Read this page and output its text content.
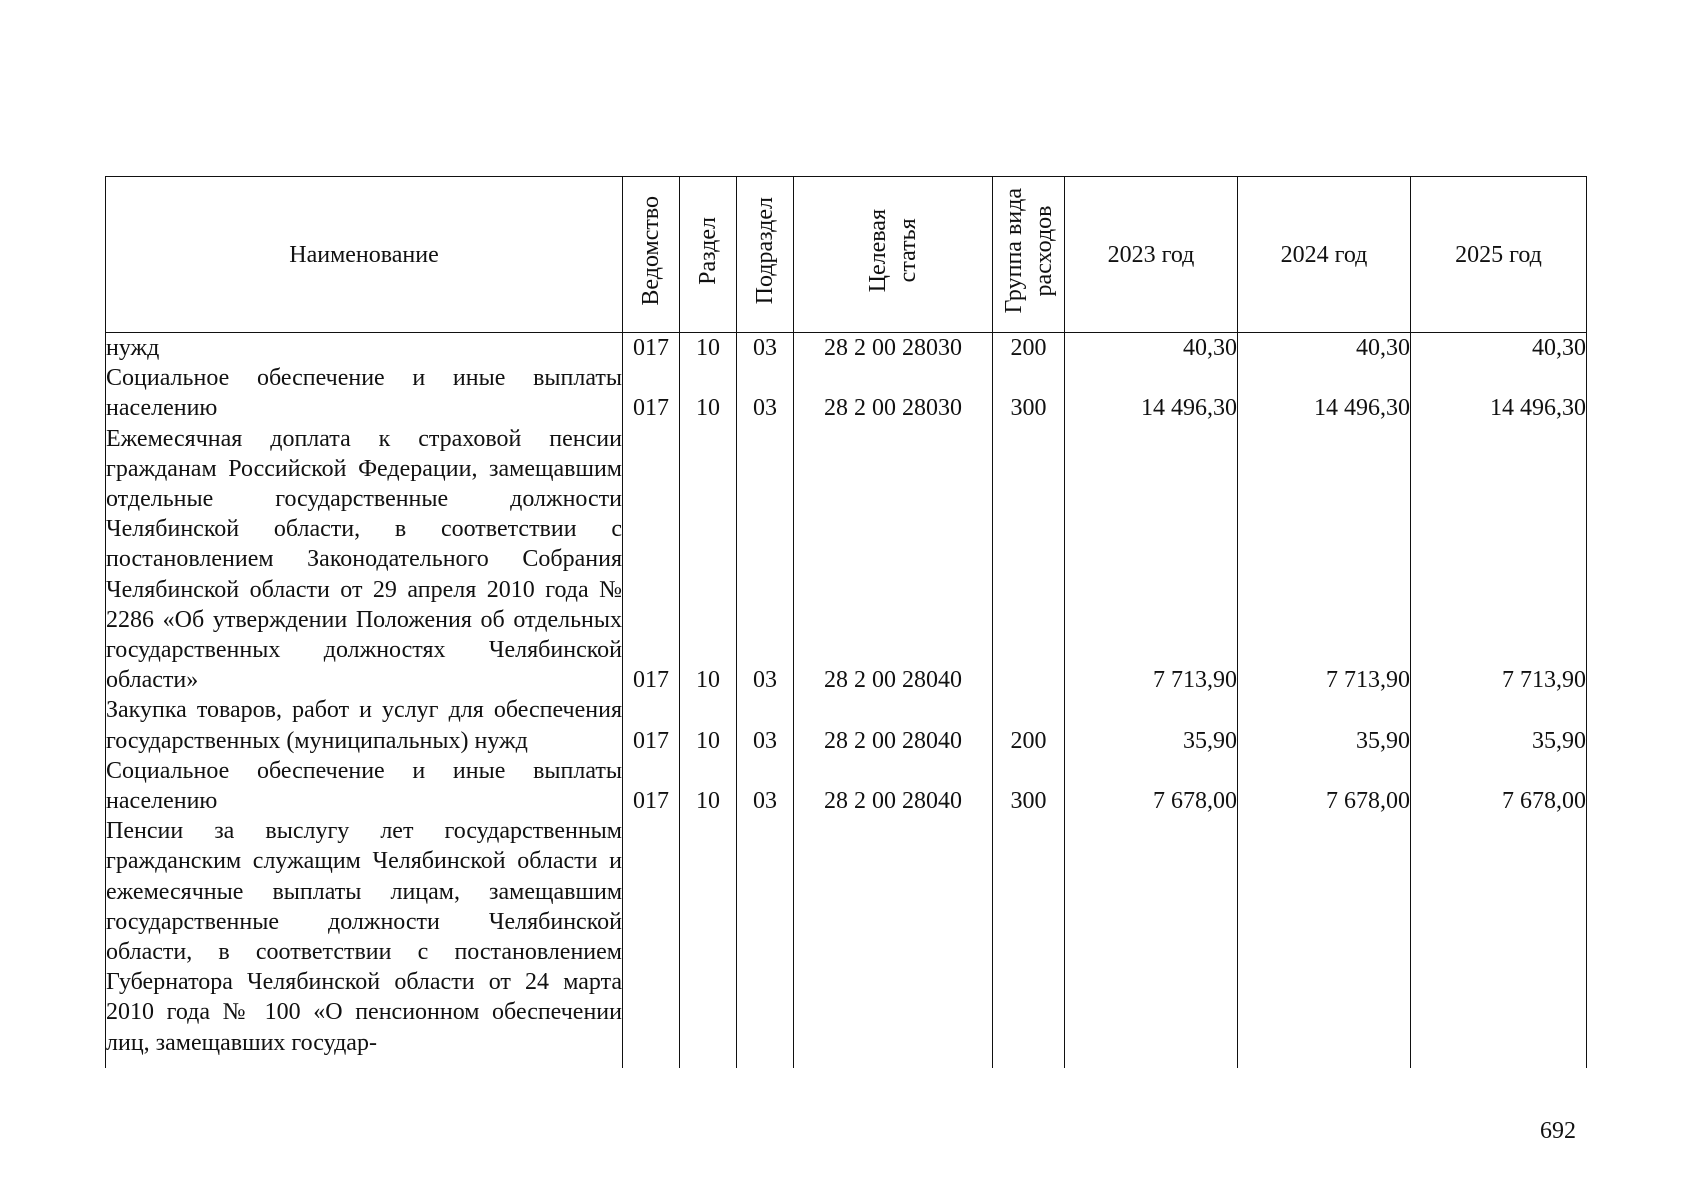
Наименование	Ведомство	Раздел	Подраздел	Целевая статья	Группа вида расходов	2023 год	2024 год	2025 год
нужд	017	10	03	28 2 00 28030	200	40,30	40,30	40,30
Социальное обеспечение и иные выплаты населению	017	10	03	28 2 00 28030	300	14 496,30	14 496,30	14 496,30
Ежемесячная доплата к страховой пенсии гражданам Российской Федерации, замещавшим отдельные государственные должности Челябинской области, в соответствии с постановлением Законодательного Собрания Челябинской области от 29 апреля 2010 года № 2286 «Об утверждении Положения об отдельных государственных должностях Челябинской области»	017	10	03	28 2 00 28040		7 713,90	7 713,90	7 713,90
Закупка товаров, работ и услуг для обеспечения государственных (муниципальных) нужд	017	10	03	28 2 00 28040	200	35,90	35,90	35,90
Социальное обеспечение и иные выплаты населению	017	10	03	28 2 00 28040	300	7 678,00	7 678,00	7 678,00
Пенсии за выслугу лет государственным гражданским служащим Челябинской области и ежемесячные выплаты лицам, замещавшим государственные должности Челябинской области, в соответствии с постановлением Губернатора Челябинской области от 24 марта 2010 года № 100 «О пенсионном обеспечении лиц, замещавших государ-								
692
